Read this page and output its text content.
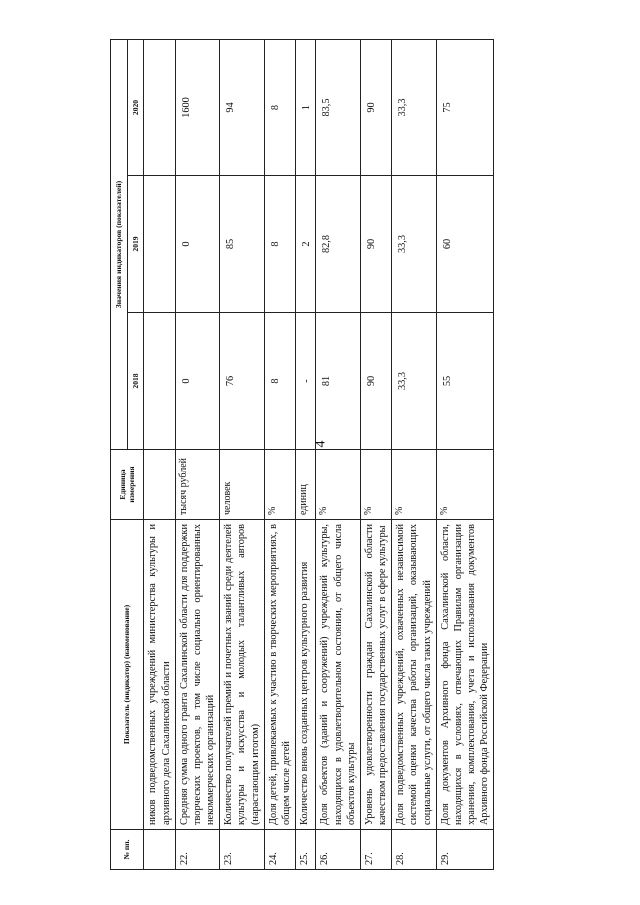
4
№ пп.	Показатель (индикатор) (наименование)	Единица измерения	Значения индикаторов (показателей)		
			2018	2019	2020
	ников подведомственных учреждений министерства культуры и архивного дела Сахалинской области				
22.	Средняя сумма одного гранта Сахалинской области для поддержки творческих проектов, в том числе социально ориентированных некоммерческих организаций	тысяч рублей	0	0	1600
23.	Количество получателей премий и почетных званий среди деятелей культуры и искусства и молодых талантливых авторов (нарастающим итогом)	человек	76	85	94
24.	Доля детей, привлекаемых к участию в творческих мероприятиях, в общем числе детей	%	8	8	8
25.	Количество вновь созданных центров культурного развития	единиц	-	2	1
26.	Доля объектов (зданий и сооружений) учреждений культуры, находящихся в удовлетворительном состоянии, от общего числа объектов культуры	%	81	82,8	83,5
27.	Уровень удовлетворенности граждан Сахалинской области качеством предоставления государственных услуг в сфере культуры	%	90	90	90
28.	Доля подведомственных учреждений, охваченных независимой системой оценки качества работы организаций, оказывающих социальные услуги, от общего числа таких учреждений	%	33,3	33,3	33,3
29.	Доля документов Архивного фонда Сахалинской области, находящихся в условиях, отвечающих Правилам организации хранения, комплектования, учета и использования документов Архивного фонда Российской Федерации	%	55	60	75
